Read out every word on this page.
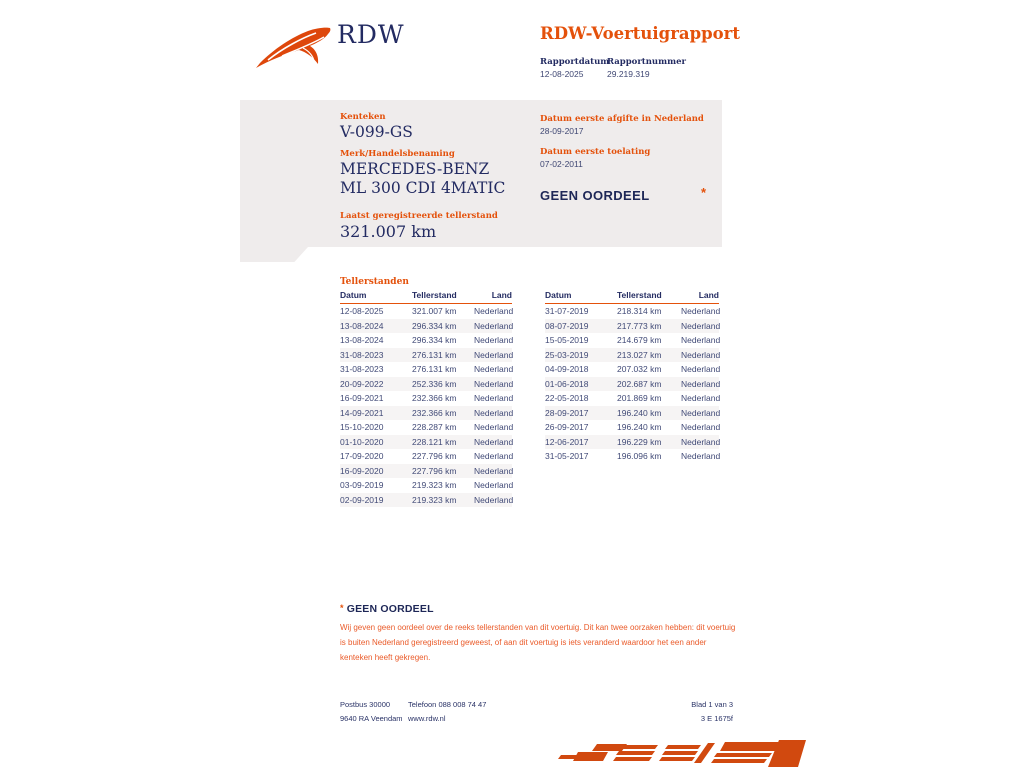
RDW	RDW-Voertuigrapport
Rapportdatum
12-08-2025
Rapportnummer
29.219.319
Kenteken
V-099-GS
Merk/Handelsbenaming
MERCEDES-BENZ
ML 300 CDI 4MATIC
Laatst geregistreerde tellerstand
321.007 km
Datum eerste afgifte in Nederland
28-09-2017
Datum eerste toelating
07-02-2011
GEEN OORDEEL	*
Tellerstanden
Datum	Tellerstand	Land
12-08-2025	321.007 km	Nederland
13-08-2024	296.334 km	Nederland
13-08-2024	296.334 km	Nederland
31-08-2023	276.131 km	Nederland
31-08-2023	276.131 km	Nederland
20-09-2022	252.336 km	Nederland
16-09-2021	232.366 km	Nederland
14-09-2021	232.366 km	Nederland
15-10-2020	228.287 km	Nederland
01-10-2020	228.121 km	Nederland
17-09-2020	227.796 km	Nederland
16-09-2020	227.796 km	Nederland
03-09-2019	219.323 km	Nederland
02-09-2019	219.323 km	Nederland
Datum	Tellerstand	Land
31-07-2019	218.314 km	Nederland
08-07-2019	217.773 km	Nederland
15-05-2019	214.679 km	Nederland
25-03-2019	213.027 km	Nederland
04-09-2018	207.032 km	Nederland
01-06-2018	202.687 km	Nederland
22-05-2018	201.869 km	Nederland
28-09-2017	196.240 km	Nederland
26-09-2017	196.240 km	Nederland
12-06-2017	196.229 km	Nederland
31-05-2017	196.096 km	Nederland
* GEEN OORDEEL
Wij geven geen oordeel over de reeks tellerstanden van dit voertuig. Dit kan twee oorzaken hebben: dit voertuig is buiten Nederland geregistreerd geweest, of aan dit voertuig is iets veranderd waardoor het een ander kenteken heeft gekregen.
Postbus 30000
9640 RA Veendam
Telefoon 088 008 74 47
www.rdw.nl
Blad 1 van 3
3 E 1675f
